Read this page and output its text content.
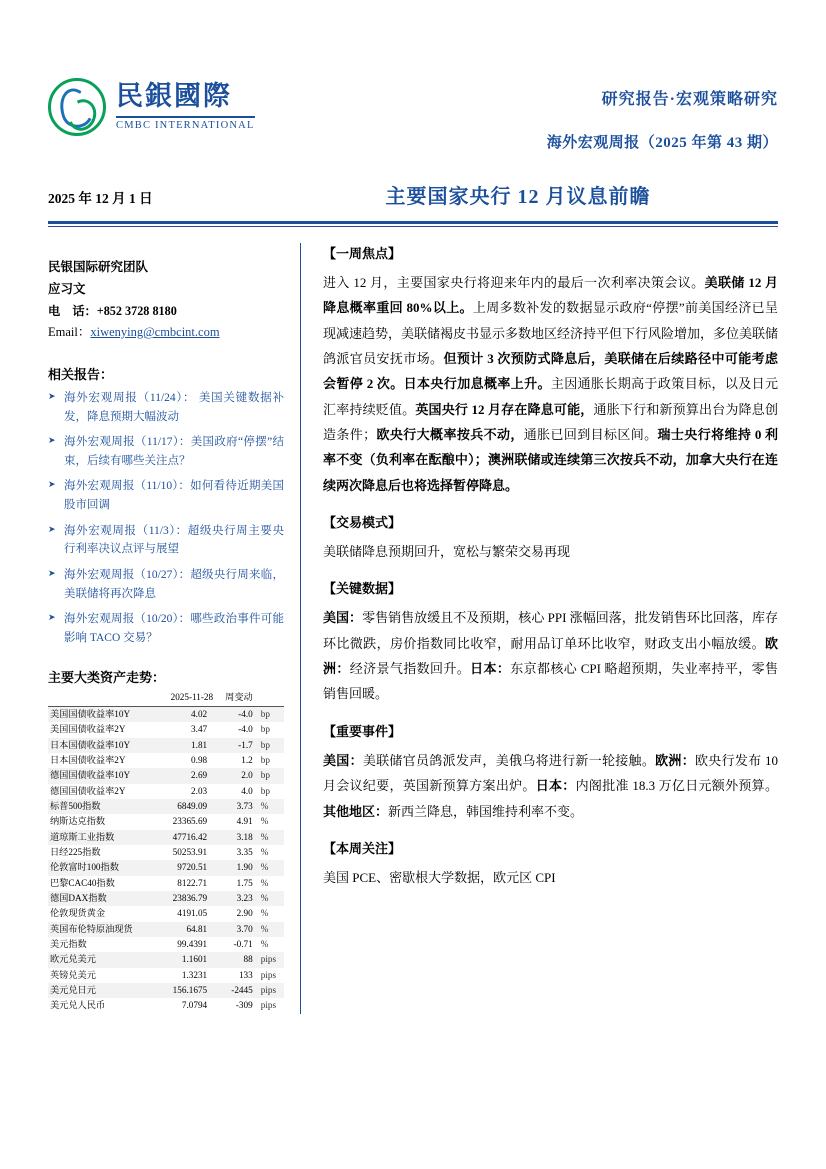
民銀國際
CMBC INTERNATIONAL
研究报告·宏观策略研究
海外宏观周报（2025 年第 43 期）
2025 年 12 月 1 日	主要国家央行 12 月议息前瞻
民银国际研究团队
应习文
电　话：+852 3728 8180
Email：xiwenying@cmbcint.com
相关报告：
➤ 海外宏观周报（11/24）： 美国关键数据补发，降息预期大幅波动
➤ 海外宏观周报（11/17）：美国政府“停摆”结束，后续有哪些关注点？
➤ 海外宏观周报（11/10）：如何看待近期美国股市回调
➤ 海外宏观周报（11/3）：超级央行周主要央行利率决议点评与展望
➤ 海外宏观周报（10/27）：超级央行周来临，美联储将再次降息
➤ 海外宏观周报（10/20）：哪些政治事件可能影响 TACO 交易？
主要大类资产走势：
	2025-11-28	周变动	
美国国债收益率10Y	4.02	-4.0	bp
美国国债收益率2Y	3.47	-4.0	bp
日本国债收益率10Y	1.81	-1.7	bp
日本国债收益率2Y	0.98	1.2	bp
德国国债收益率10Y	2.69	2.0	bp
德国国债收益率2Y	2.03	4.0	bp
标普500指数	6849.09	3.73	%
纳斯达克指数	23365.69	4.91	%
道琼斯工业指数	47716.42	3.18	%
日经225指数	50253.91	3.35	%
伦敦富时100指数	9720.51	1.90	%
巴黎CAC40指数	8122.71	1.75	%
德国DAX指数	23836.79	3.23	%
伦敦现货黄金	4191.05	2.90	%
英国布伦特原油现货	64.81	3.70	%
美元指数	99.4391	-0.71	%
欧元兑美元	1.1601	88	pips
英镑兑美元	1.3231	133	pips
美元兑日元	156.1675	-2445	pips
美元兑人民币	7.0794	-309	pips
【一周焦点】

进入 12 月，主要国家央行将迎来年内的最后一次利率决策会议。美联储 12 月降息概率重回 80%以上。上周多数补发的数据显示政府“停摆”前美国经济已呈现减速趋势，美联储褐皮书显示多数地区经济持平但下行风险增加，多位美联储鸽派官员安抚市场。但预计 3 次预防式降息后，美联储在后续路径中可能考虑会暂停 2 次。日本央行加息概率上升。主因通胀长期高于政策目标，以及日元汇率持续贬值。英国央行 12 月存在降息可能，通胀下行和新预算出台为降息创造条件；欧央行大概率按兵不动，通胀已回到目标区间。瑞士央行将维持 0 利率不变（负利率在酝酿中）；澳洲联储或连续第三次按兵不动，加拿大央行在连续两次降息后也将选择暂停降息。

【交易模式】

美联储降息预期回升，宽松与繁荣交易再现

【关键数据】

美国：零售销售放缓且不及预期，核心 PPI 涨幅回落，批发销售环比回落，库存环比微跌，房价指数同比收窄，耐用品订单环比收窄，财政支出小幅放缓。欧洲：经济景气指数回升。日本：东京都核心 CPI 略超预期，失业率持平，零售销售回暖。

【重要事件】

美国：美联储官员鸽派发声，美俄乌将进行新一轮接触。欧洲：欧央行发布 10 月会议纪要，英国新预算方案出炉。日本：内阁批准 18.3 万亿日元额外预算。其他地区：新西兰降息，韩国维持利率不变。

【本周关注】

美国 PCE、密歇根大学数据，欧元区 CPI
